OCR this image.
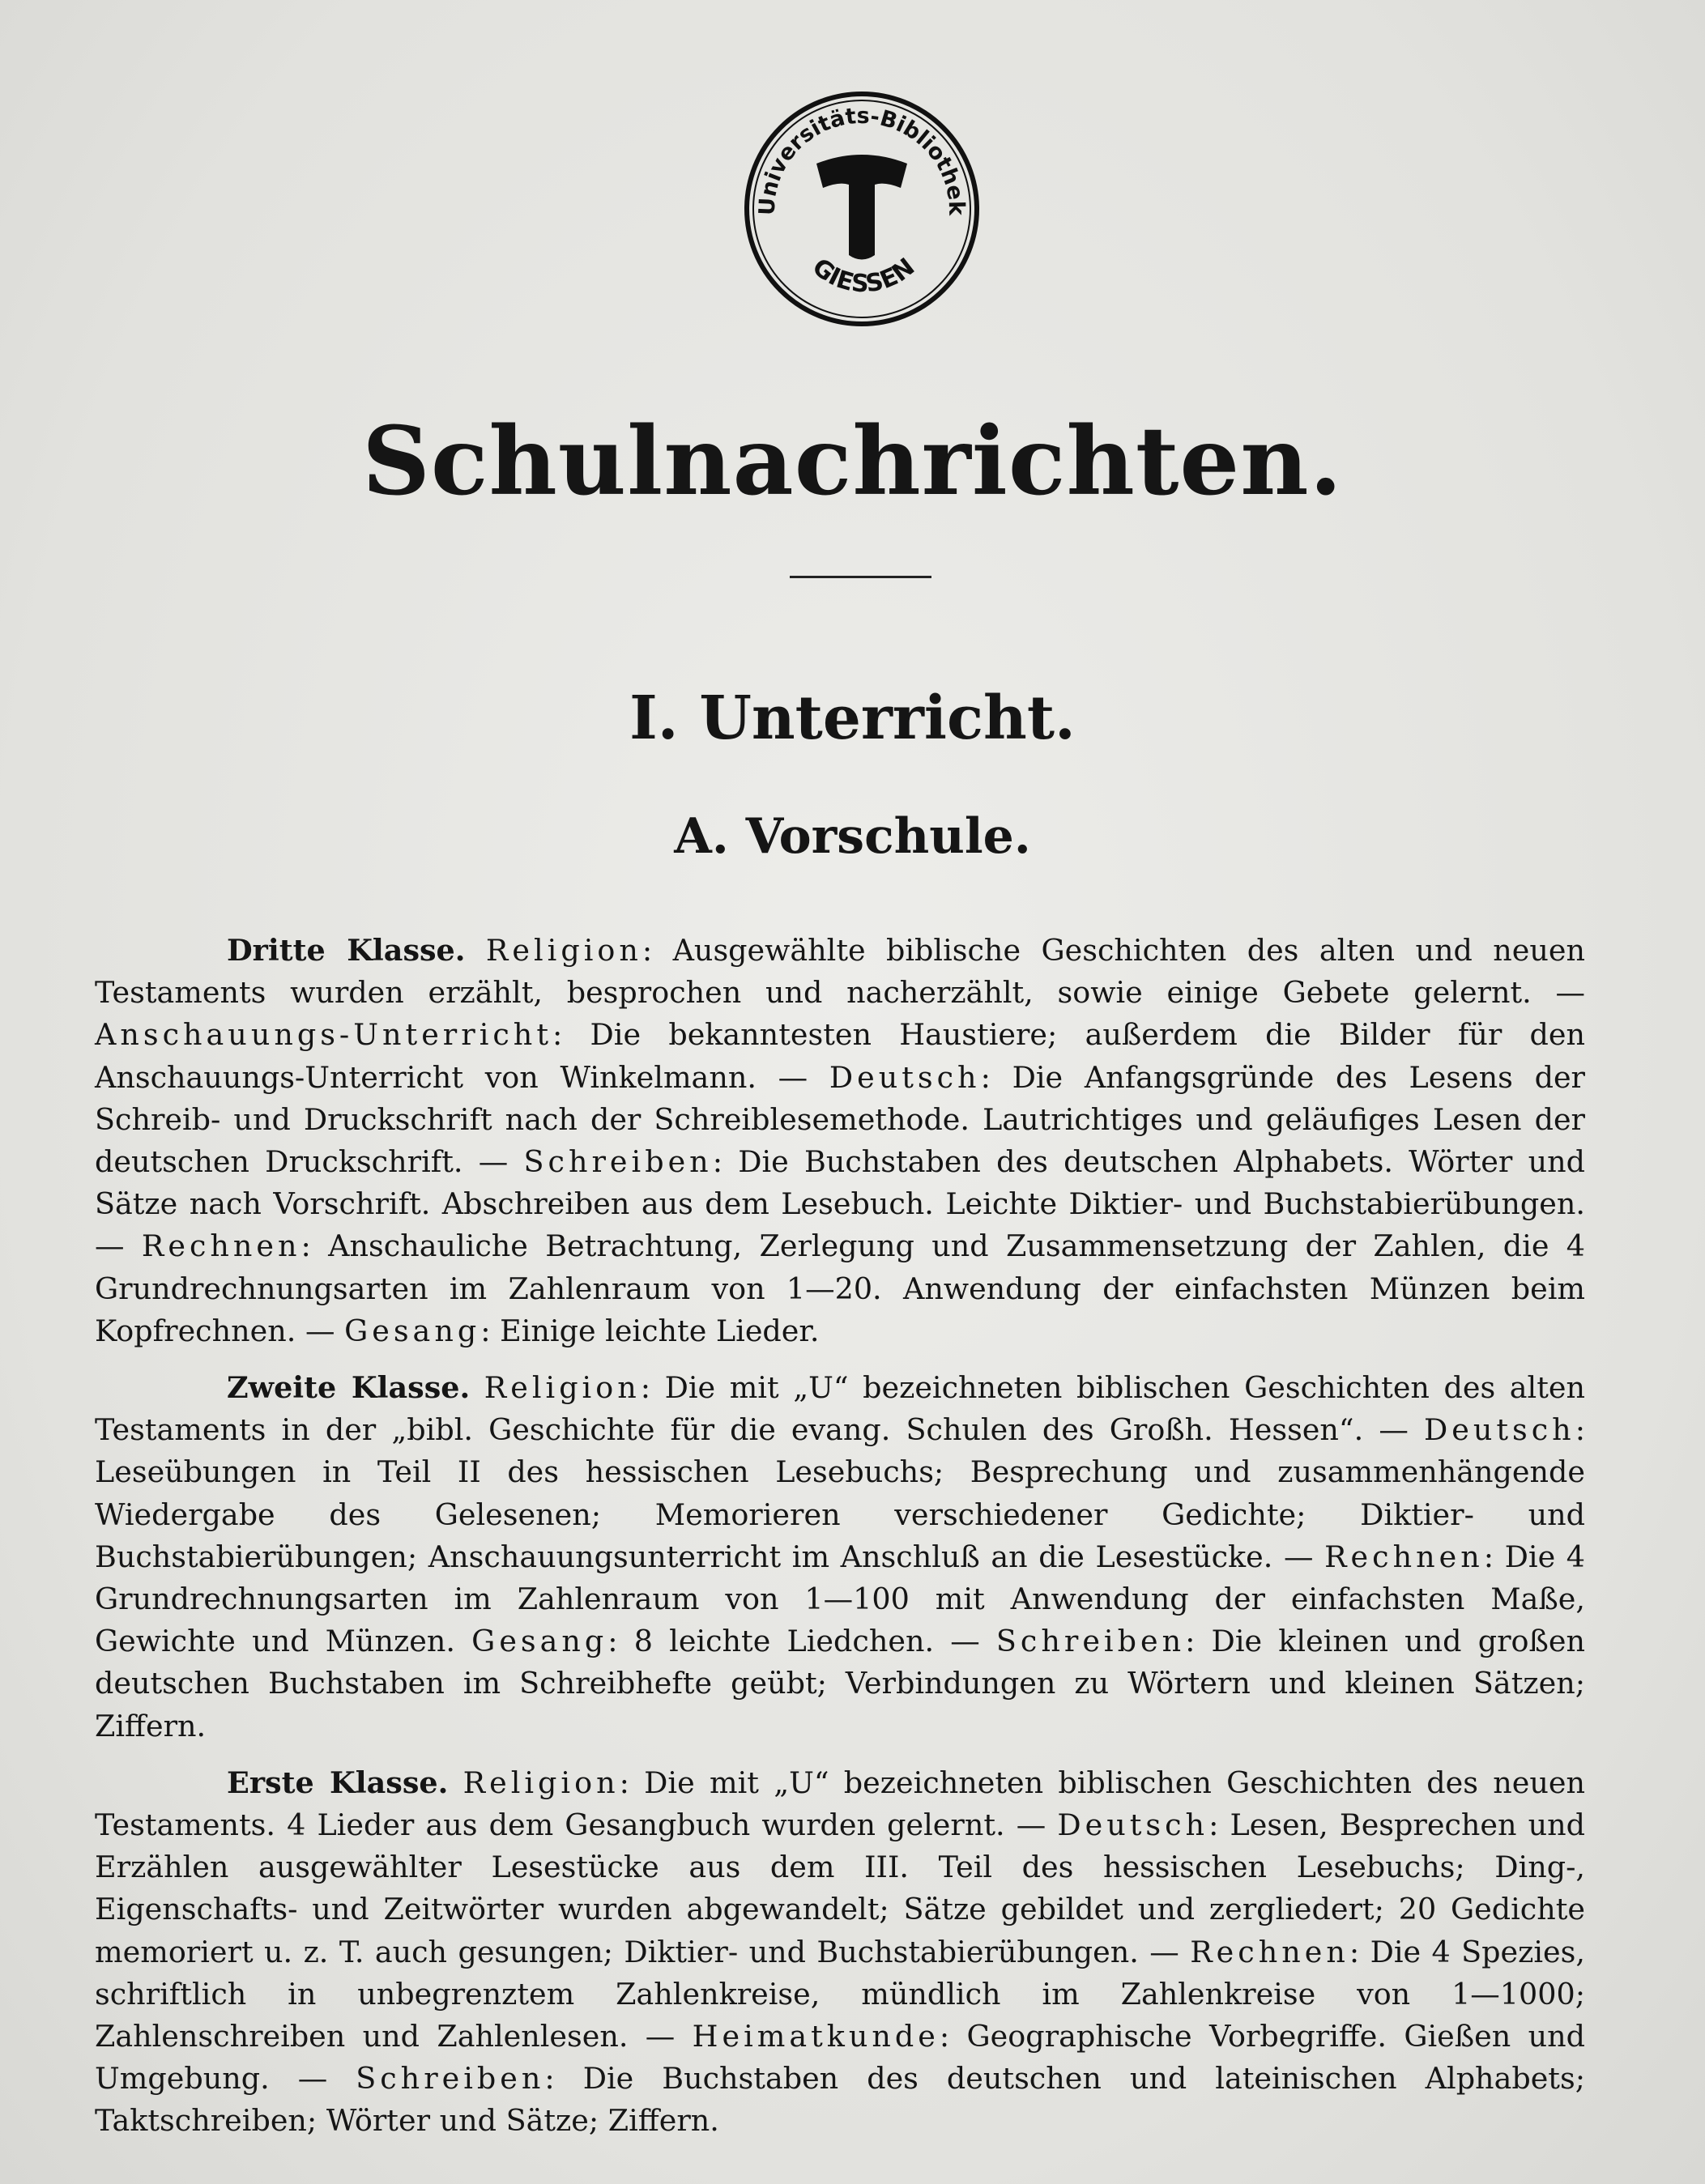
Universitäts-Bibliothek
GIESSEN
Schulnachrichten.
I. Unterricht.
A. Vorschule.

Dritte Klasse. Religion: Ausgewählte biblische Geschichten des alten und neuen Testaments wurden erzählt, besprochen und nacherzählt, sowie einige Gebete gelernt. — Anschauungs-Unterricht: Die bekanntesten Haustiere; außerdem die Bilder für den Anschauungs-Unterricht von Winkelmann. — Deutsch: Die Anfangsgründe des Lesens der Schreib- und Druckschrift nach der Schreiblesemethode. Lautrichtiges und geläufiges Lesen der deutschen Druckschrift. — Schreiben: Die Buchstaben des deutschen Alphabets. Wörter und Sätze nach Vorschrift. Abschreiben aus dem Lesebuch. Leichte Diktier- und Buchstabierübungen. — Rechnen: Anschauliche Betrachtung, Zerlegung und Zusammensetzung der Zahlen, die 4 Grundrechnungsarten im Zahlenraum von 1—20. Anwendung der einfachsten Münzen beim Kopfrechnen. — Gesang: Einige leichte Lieder.

Zweite Klasse. Religion: Die mit „U“ bezeichneten biblischen Geschichten des alten Testaments in der „bibl. Geschichte für die evang. Schulen des Großh. Hessen“. — Deutsch: Leseübungen in Teil II des hessischen Lesebuchs; Besprechung und zusammenhängende Wiedergabe des Gelesenen; Memorieren verschiedener Gedichte; Diktier- und Buchstabierübungen; Anschauungsunterricht im Anschluß an die Lesestücke. — Rechnen: Die 4 Grundrechnungsarten im Zahlenraum von 1—100 mit Anwendung der einfachsten Maße, Gewichte und Münzen. Gesang: 8 leichte Liedchen. — Schreiben: Die kleinen und großen deutschen Buchstaben im Schreibhefte geübt; Verbindungen zu Wörtern und kleinen Sätzen; Ziffern.

Erste Klasse. Religion: Die mit „U“ bezeichneten biblischen Geschichten des neuen Testaments. 4 Lieder aus dem Gesangbuch wurden gelernt. — Deutsch: Lesen, Besprechen und Erzählen ausgewählter Lesestücke aus dem III. Teil des hessischen Lesebuchs; Ding-, Eigenschafts- und Zeitwörter wurden abgewandelt; Sätze gebildet und zergliedert; 20 Gedichte memoriert u. z. T. auch gesungen; Diktier- und Buchstabierübungen. — Rechnen: Die 4 Spezies, schriftlich in unbegrenztem Zahlenkreise, mündlich im Zahlenkreise von 1—1000; Zahlenschreiben und Zahlenlesen. — Heimatkunde: Geographische Vorbegriffe. Gießen und Umgebung. — Schreiben: Die Buchstaben des deutschen und lateinischen Alphabets; Taktschreiben; Wörter und Sätze; Ziffern.
